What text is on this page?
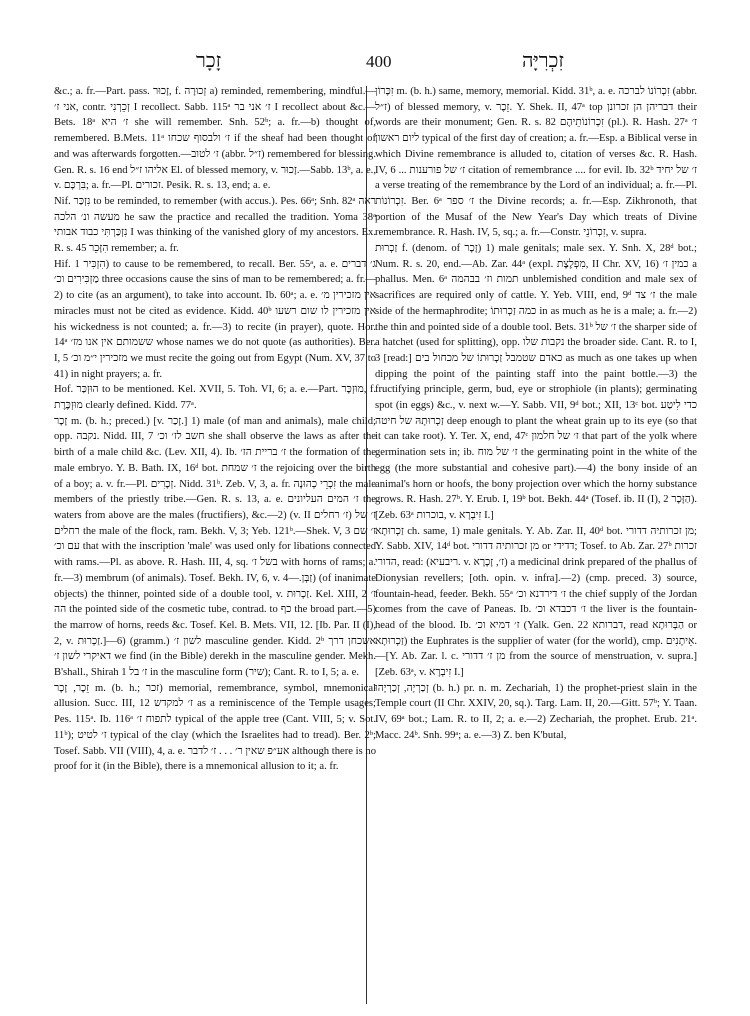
זָכָר	400	זִכְרִיָּה

&c.; a. fr.—Part. pass. זָכוּר, f. זְכוּרָה a) reminded, remembering, mindful.—אני ז׳, contr. זְכֵרְנִי I recollect. Sabb. 115ᵃ ז׳ אני בר I recollect about &c.—Bets. 18ᵃ ז׳ היא she will remember. Snh. 52ᵇ; a. fr.—b) thought of, remembered. B.Mets. 11ᵃ ז׳ ולבסוף שכחו if the sheaf had been thought of and was afterwards forgotten.—ז׳ לטוב (abbr. ז״ל) remembered for blessing. Gen. R. s. 16 end אליהו ז״ל El. of blessed memory, v. זָכוּר.—Sabb. 13ᵇ, a. e., v. בִּרְכָּם; a. fr.—Pl. זכורים. Pesik. R. s. 13, end; a. e.

Nif. נִזְכַּר to be reminded, to remember (with accus.). Pes. 66ᵃ; Snh. 82ᵃ ראה מעשה ונ׳ הלכה he saw the practice and recalled the tradition. Yoma 38ᵃ נִזְכַּרְתִּי כבוד אבותי I was thinking of the vanished glory of my ancestors. Ex. R. s. 45 הִזָּכֵר remember; a. fr.

Hif. הִזְכִּיר 1) to cause to be remembered, to recall. Ber. 55ᵃ, a. e. ג׳ דברים מַזְכִּירִים וכ׳ three occasions cause the sins of man to be remembered; a. fr.—2) to cite (as an argument), to take into account. Ib. 60ᵃ; a. e. אין מזכירין מ׳ miracles must not be cited as evidence. Kidd. 40ᵇ אין מזכירין לו שום רשעו his wickedness is not counted; a. fr.—3) to recite (in prayer), quote. Hor. 14ᵃ ששמותם אין אנו מז׳ whose names we do not quote (as authorities). Ber. I, 5 מזכירין י״מ וכ׳ we must recite the going out from Egypt (Num. XV, 37 to 41) in night prayers; a. fr.

Hof. הוּזְכַּר to be mentioned. Kel. XVII, 5. Toh. VI, 6; a. e.—Part. מוּזְכָּר, f. מוּזְכֶּרֶת clearly defined. Kidd. 77ᵃ.

זָכָר m. (b. h.; preced.) [v. זָכַר.] 1) male (of man and animals), male child; opp. נקבה. Nidd. III, 7 חשב לז׳ וכ׳ she shall observe the laws as after the birth of a male child &c. (Lev. XII, 4). Ib. ז׳ בריית הז׳ the formation of the male embryo. Y. B. Bath. IX, 16ᵈ bot. ז׳ שמחת the rejoicing over the birth of a boy; a. v. fr.—Pl. זְכָרִים. Nidd. 31ᵇ. Zeb. V, 3, a. fr. זִכְרֵי כְהוּנָה the male members of the priestly tribe.—Gen. R. s. 13, a. e. ז׳ המים העליונים the waters from above are the males (fructifiers), &c.—2) (v. II ז׳ רחלים) ז׳ של רחלים the male of the flock, ram. Bekh. V, 3; Yeb. 121ᵇ.—Shek. V, 3 ז׳ שם עם וכ׳ that with the inscription 'male' was used only for libations connected with rams.—Pl. as above. R. Hash. III, 4, sq. בשל ז׳ with horns of rams; a. fr.—3) membrum (of animals). Tosef. Bekh. IV, 6, v. זַבְּן.—4) (of inanimate objects) the thinner, pointed side of a double tool, v. זַכְרוּת. Kel. XIII, 2 ז׳ הה the pointed side of the cosmetic tube, contrad. to כף the broad part.—5) the marrow of horns, reeds &c. Tosef. Kel. B. Mets. VII, 12. [Ib. Par. II (I), 2, v. זַכְרוּת.]—6) (gramm.) לשון ז׳ masculine gender. Kidd. 2ᵇ אשכחן דרך דאיקרי לשון ז׳ we find (in the Bible) derekh in the masculine gender. Mekh. B'shall., Shirah 1 ז׳ בל in the masculine form (שיר); Cant. R. to I, 5; a. e.

זֵכֶר, זָכָר m. (b. h.; זכר) memorial, remembrance, symbol, mnemonical allusion. Succ. III, 12 ז׳ למקדש as a reminiscence of the Temple usages; Pes. 115ᵃ. Ib. 116ᵃ לתפוח ז׳ typical of the apple tree (Cant. VIII, 5; v. Sot. 11ᵇ); ז׳ לטיט typical of the clay (which the Israelites had to tread). Ber. 2ᵇ; Tosef. Sabb. VII (VIII), 4, a. e. אע״פ שאין ר׳ . . . ז׳ לדבר although there is no proof for it (in the Bible), there is a mnemonical allusion to it; a. fr.

זִכָּרוֹן m. (b. h.) same, memory, memorial. Kidd. 31ᵇ, a. e. זִכְרוֹנוֹ לברכה (abbr. ז״ל) of blessed memory, v. זֵכֶר. Y. Shek. II, 47ᵃ top דבריהן הן זכרונן their words are their monument; Gen. R. s. 82 זִכְרוֹנוֹתֵיהֶם (pl.). R. Hash. 27ᵃ ז׳ ליום ראשון typical of the first day of creation; a. fr.—Esp. a Biblical verse in which Divine remembrance is alluded to, citation of verses &c. R. Hash. IV, 6 ... ז׳ של פורענות citation of remembrance .... for evil. Ib. 32ᵇ ז׳ של יחיד a verse treating of the remembrance by the Lord of an individual; a. fr.—Pl. זִכְרוֹנוֹת. Ber. 6ᵃ ז׳ ספר the Divine records; a. fr.—Esp. Zikhronoth, that portion of the Musaf of the New Year's Day which treats of Divine remembrance. R. Hash. IV, 5, sq.; a. fr.—Constr. זִכְרוֹנֵי, v. supra.

זַכְרוּת f. (denom. of זָכָר) 1) male genitals; male sex. Y. Snh. X, 28ᵈ bot.; Num. R. s. 20, end.—Ab. Zar. 44ᵃ (expl. מִפְלֶצֶת, II Chr. XV, 16) כמין ז׳ a phallus. Men. 6ᵃ תמות וז׳ בבהמה unblemished condition and male sex of sacrifices are required only of cattle. Y. Yeb. VIII, end, 9ᵈ ז׳ צד the male side of the hermaphrodite; כמה זַכְרוּתוֹ in as much as he is a male; a. fr.—2) the thin and pointed side of a double tool. Bets. 31ᵇ ז׳ של the sharper side of a hatchet (used for splitting), opp. נקבות שלו the broader side. Cant. R. to I, 3 [read:] כאדם שטמבל זַכְרוּתוֹ של מכחול בים as much as one takes up when dipping the point of the painting staff into the paint bottle.—3) the fructifying principle, germ, bud, eye or strophiole (in plants); germinating spot (in eggs) &c., v. next w.—Y. Sabb. VII, 9ᵈ bot.; XII, 13ᶜ bot. כדי לִיטַע זַכְרוּתָהּ של חיטה deep enough to plant the wheat grain up to its eye (so that it can take root). Y. Ter. X, end, 47ᶜ ז׳ של חלמון that part of the yolk where germination sets in; ib. ז׳ של מוח the germinating point in the white of the egg (the more substantial and cohesive part).—4) the bony inside of an animal's horn or hoofs, the bony projection over which the horny substance grows. R. Hash. 27ᵇ. Y. Erub. I, 19ᵇ bot. Bekh. 44ᵃ (Tosef. ib. II (I), 2 הַזָּכָר). [Zeb. 63ᵃ בוכרות, v. זִיבְרָא I.]

זַכְרוּתָא ch. same, 1) male genitals. Y. Ab. Zar. II, 40ᵈ bot. מן זכרותיה דדורי; Y. Sabb. XIV, 14ᵈ bot. מן זכרותיה דדורי or דדידי; Tosef. to Ab. Zar. 27ᵇ זכרות הדורי, read: (ריבעיא. v. ז׳, זָכָרָא) a medicinal drink prepared of the phallus of Dionysian revellers; [oth. opin. v. infra].—2) (cmp. preced. 3) source, fountain-head, feeder. Bekh. 55ᵃ ז׳ דירדנא וכ׳ the chief supply of the Jordan comes from the cave of Paneas. Ib. ז׳ דכבדא וכ׳ the liver is the fountain-head of the blood. Ib. ז׳ דמיא וכ׳ (Yalk. Gen. 22 דברותא, read הַבְּרוּתָא or זַכְרוּתָא) the Euphrates is the supplier of water (for the world), cmp. אֵיתָנִים.—[Y. Ab. Zar. l. c. מן ז׳ דדורי from the source of menstruation, v. supra.] [Zeb. 63ᵃ, v. זִיבְרָא I.]

זְכַרְיָה, זְכַרְיָהוּ (b. h.) pr. n. m. Zechariah, 1) the prophet-priest slain in the Temple court (II Chr. XXIV, 20, sq.). Targ. Lam. II, 20.—Gitt. 57ᵇ; Y. Taan. IV, 69ᵃ bot.; Lam. R. to II, 2; a. e.—2) Zechariah, the prophet. Erub. 21ᵃ. Macc. 24ᵇ. Snh. 99ᵃ; a. e.—3) Z. ben K'butal,
